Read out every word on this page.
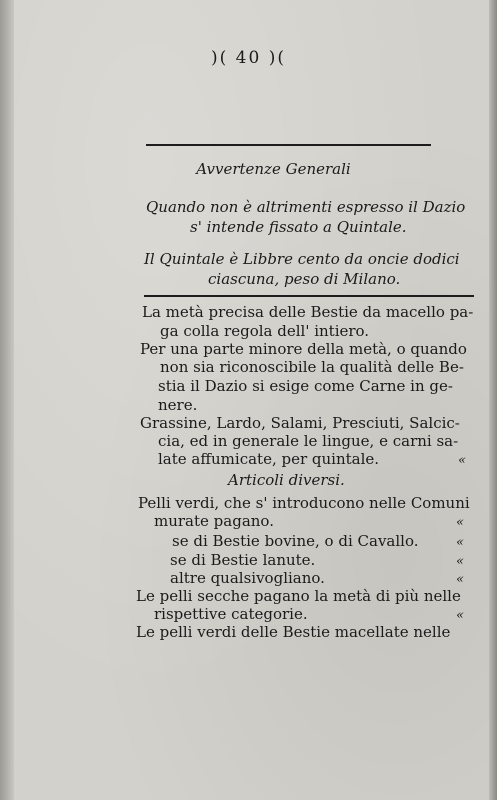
)( 40 )(
Avvertenze Generali
Quando non è altrimenti espresso il Dazio
s' intende fissato a Quintale.
Il Quintale è Libbre cento da oncie dodici
ciascuna, peso di Milano.
La metà precisa delle Bestie da macello pa-
ga colla regola dell' intiero.
Per una parte minore della metà, o quando
non sia riconoscibile la qualità delle Be-
stia il Dazio si esige come Carne in ge-
nere.
Grassine, Lardo, Salami, Presciuti, Salcic-
cia, ed in generale le lingue, e carni sa-
late affumicate, per quintale.	«
Articoli diversi.
Pelli verdi, che s' introducono nelle Comuni
murate pagano.	«
se di Bestie bovine, o di Cavallo.	«
se di Bestie lanute.	«
altre qualsivogliano.	«
Le pelli secche pagano la metà di più nelle
rispettive categorie.	«
Le pelli verdi delle Bestie macellate nelle
